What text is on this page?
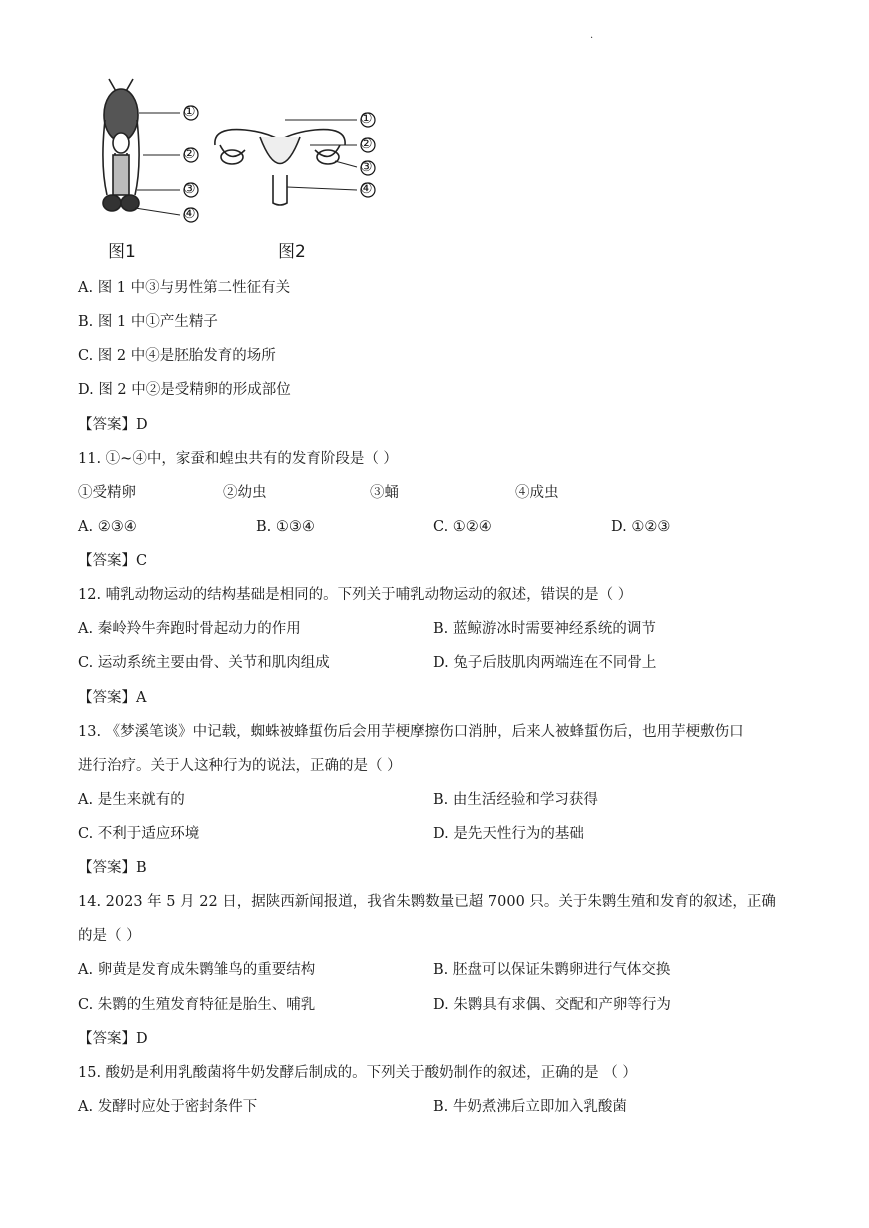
.
①
②
③
④
①
②
③
④
图1	图2
A. 图 1 中③与男性第二性征有关
B. 图 1 中①产生精子
C. 图 2 中④是胚胎发育的场所
D. 图 2 中②是受精卵的形成部位
【答案】D
11. ①~④中，家蚕和蝗虫共有的发育阶段是（ ）
①受精卵	②幼虫	③蛹	④成虫
A. ②③④	B. ①③④	C. ①②④	D. ①②③
【答案】C
12. 哺乳动物运动的结构基础是相同的。下列关于哺乳动物运动的叙述，错误的是（ ）
A. 秦岭羚牛奔跑时骨起动力的作用	B. 蓝鲸游冰时需要神经系统的调节
C. 运动系统主要由骨、关节和肌肉组成	D. 兔子后肢肌肉两端连在不同骨上
【答案】A
13. 《梦溪笔谈》中记载，蜘蛛被蜂蜇伤后会用芋梗摩擦伤口消肿，后来人被蜂蜇伤后，也用芋梗敷伤口
进行治疗。关于人这种行为的说法，正确的是（ ）
A. 是生来就有的	B. 由生活经验和学习获得
C. 不利于适应环境	D. 是先天性行为的基础
【答案】B
14. 2023 年 5 月 22 日，据陕西新闻报道，我省朱鹮数量已超 7000 只。关于朱鹮生殖和发育的叙述，正确
的是（ ）
A. 卵黄是发育成朱鹮雏鸟的重要结构	B. 胚盘可以保证朱鹮卵进行气体交换
C. 朱鹮的生殖发育特征是胎生、哺乳	D. 朱鹮具有求偶、交配和产卵等行为
【答案】D
15. 酸奶是利用乳酸菌将牛奶发酵后制成的。下列关于酸奶制作的叙述，正确的是 （ ）
A. 发酵时应处于密封条件下	B. 牛奶煮沸后立即加入乳酸菌
